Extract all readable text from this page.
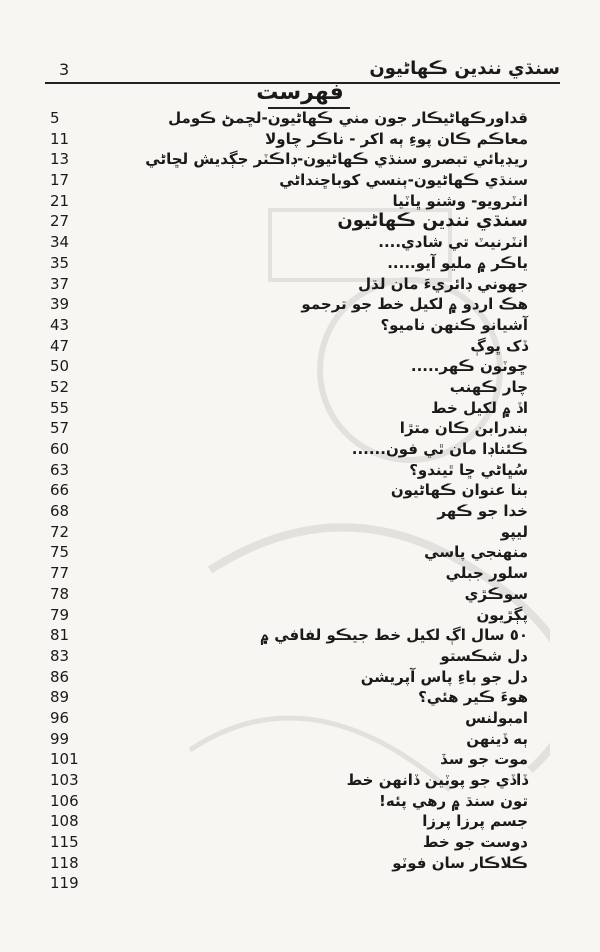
3	سنڌي نندين ڪهاڻيون
فهرست
5	قداورڪهاڻيڪار جون مني ڪهاڻيون-لڇمڻ ڪومل
11	معاڪم ڪان پوءِ ٻه اکر - ناڪر چاولا
13	ريڊيائي تبصرو سنڌي ڪهاڻيون-ڊاڪٽر جڳديش لڇاڻي
17	سنڌي ڪهاڻيون-ٻنسي کوباڇنداڻي
21	انٽرويو- وشنو ڀاٽيا
27	سنڌي نندين ڪهاڻيون
34	انٽرنيٽ تي شادي....
35	ياڪر ۾ مليو آيو.....
37	جهوني ڊائريءَ مان لڌل
39	هڪ اردو ۾ لکيل خط جو ترجمو
43	آشيانو ڪنهن ناميو؟
47	ڏک ڀوڳ
50	ڇوٽون ڪهر.....
52	چار ڪهنب
55	اڏ ۾ لکيل خط
57	بندرابن ڪان متڙا
60	ڪئناڊا مان ٿي فون......
63	سُڀاڻي ڇا ٿيندو؟
66	بنا عنوان ڪهاڻيون
68	خدا جو ڪهر
72	ليپو
75	منهنجي پاسي
77	سلور جبلي
78	سوڪڙي
79	پڳڙيون
81	٥٠ سال اڳ لکيل خط جيڪو لفافي ۾
83	دل شڪستو
86	دل جو باءِ پاس آپريشن
89	هوءَ ڪير هئي؟
96	امبولنس
99	ٻه ڏينهن
101	موت جو سڏ
103	ڏاڏي جو پوٽين ڏانهن خط
106	تون سنڌ ۾ رهي پئه!
108	جسم پرزا پرزا
115	دوست جو خط
118	ڪلاڪار سان فوٽو
119
